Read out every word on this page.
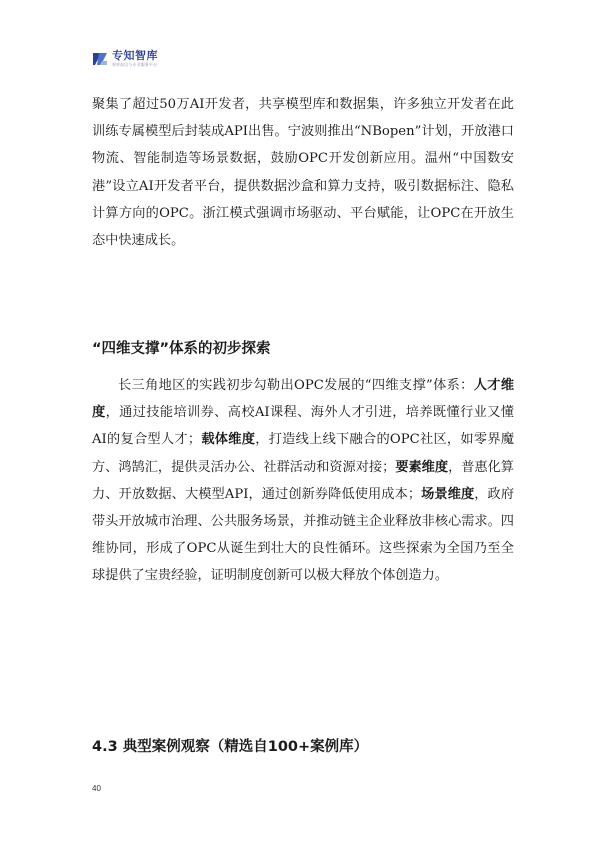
专知智库
智库前沿与专业服务平台

聚集了超过50万AI开发者，共享模型库和数据集，许多独立开发者在此训练专属模型后封装成API出售。宁波则推出“NBopen”计划，开放港口物流、智能制造等场景数据，鼓励OPC开发创新应用。温州“中国数安港”设立AI开发者平台，提供数据沙盒和算力支持，吸引数据标注、隐私计算方向的OPC。浙江模式强调市场驱动、平台赋能，让OPC在开放生态中快速成长。

“四维支撑”体系的初步探索

长三角地区的实践初步勾勒出OPC发展的“四维支撑”体系：人才维度，通过技能培训券、高校AI课程、海外人才引进，培养既懂行业又懂AI的复合型人才；载体维度，打造线上线下融合的OPC社区，如零界魔方、鸿鹄汇，提供灵活办公、社群活动和资源对接；要素维度，普惠化算力、开放数据、大模型API，通过创新券降低使用成本；场景维度，政府带头开放城市治理、公共服务场景，并推动链主企业释放非核心需求。四维协同，形成了OPC从诞生到壮大的良性循环。这些探索为全国乃至全球提供了宝贵经验，证明制度创新可以极大释放个体创造力。

4.3 典型案例观察（精选自100+案例库）
40
